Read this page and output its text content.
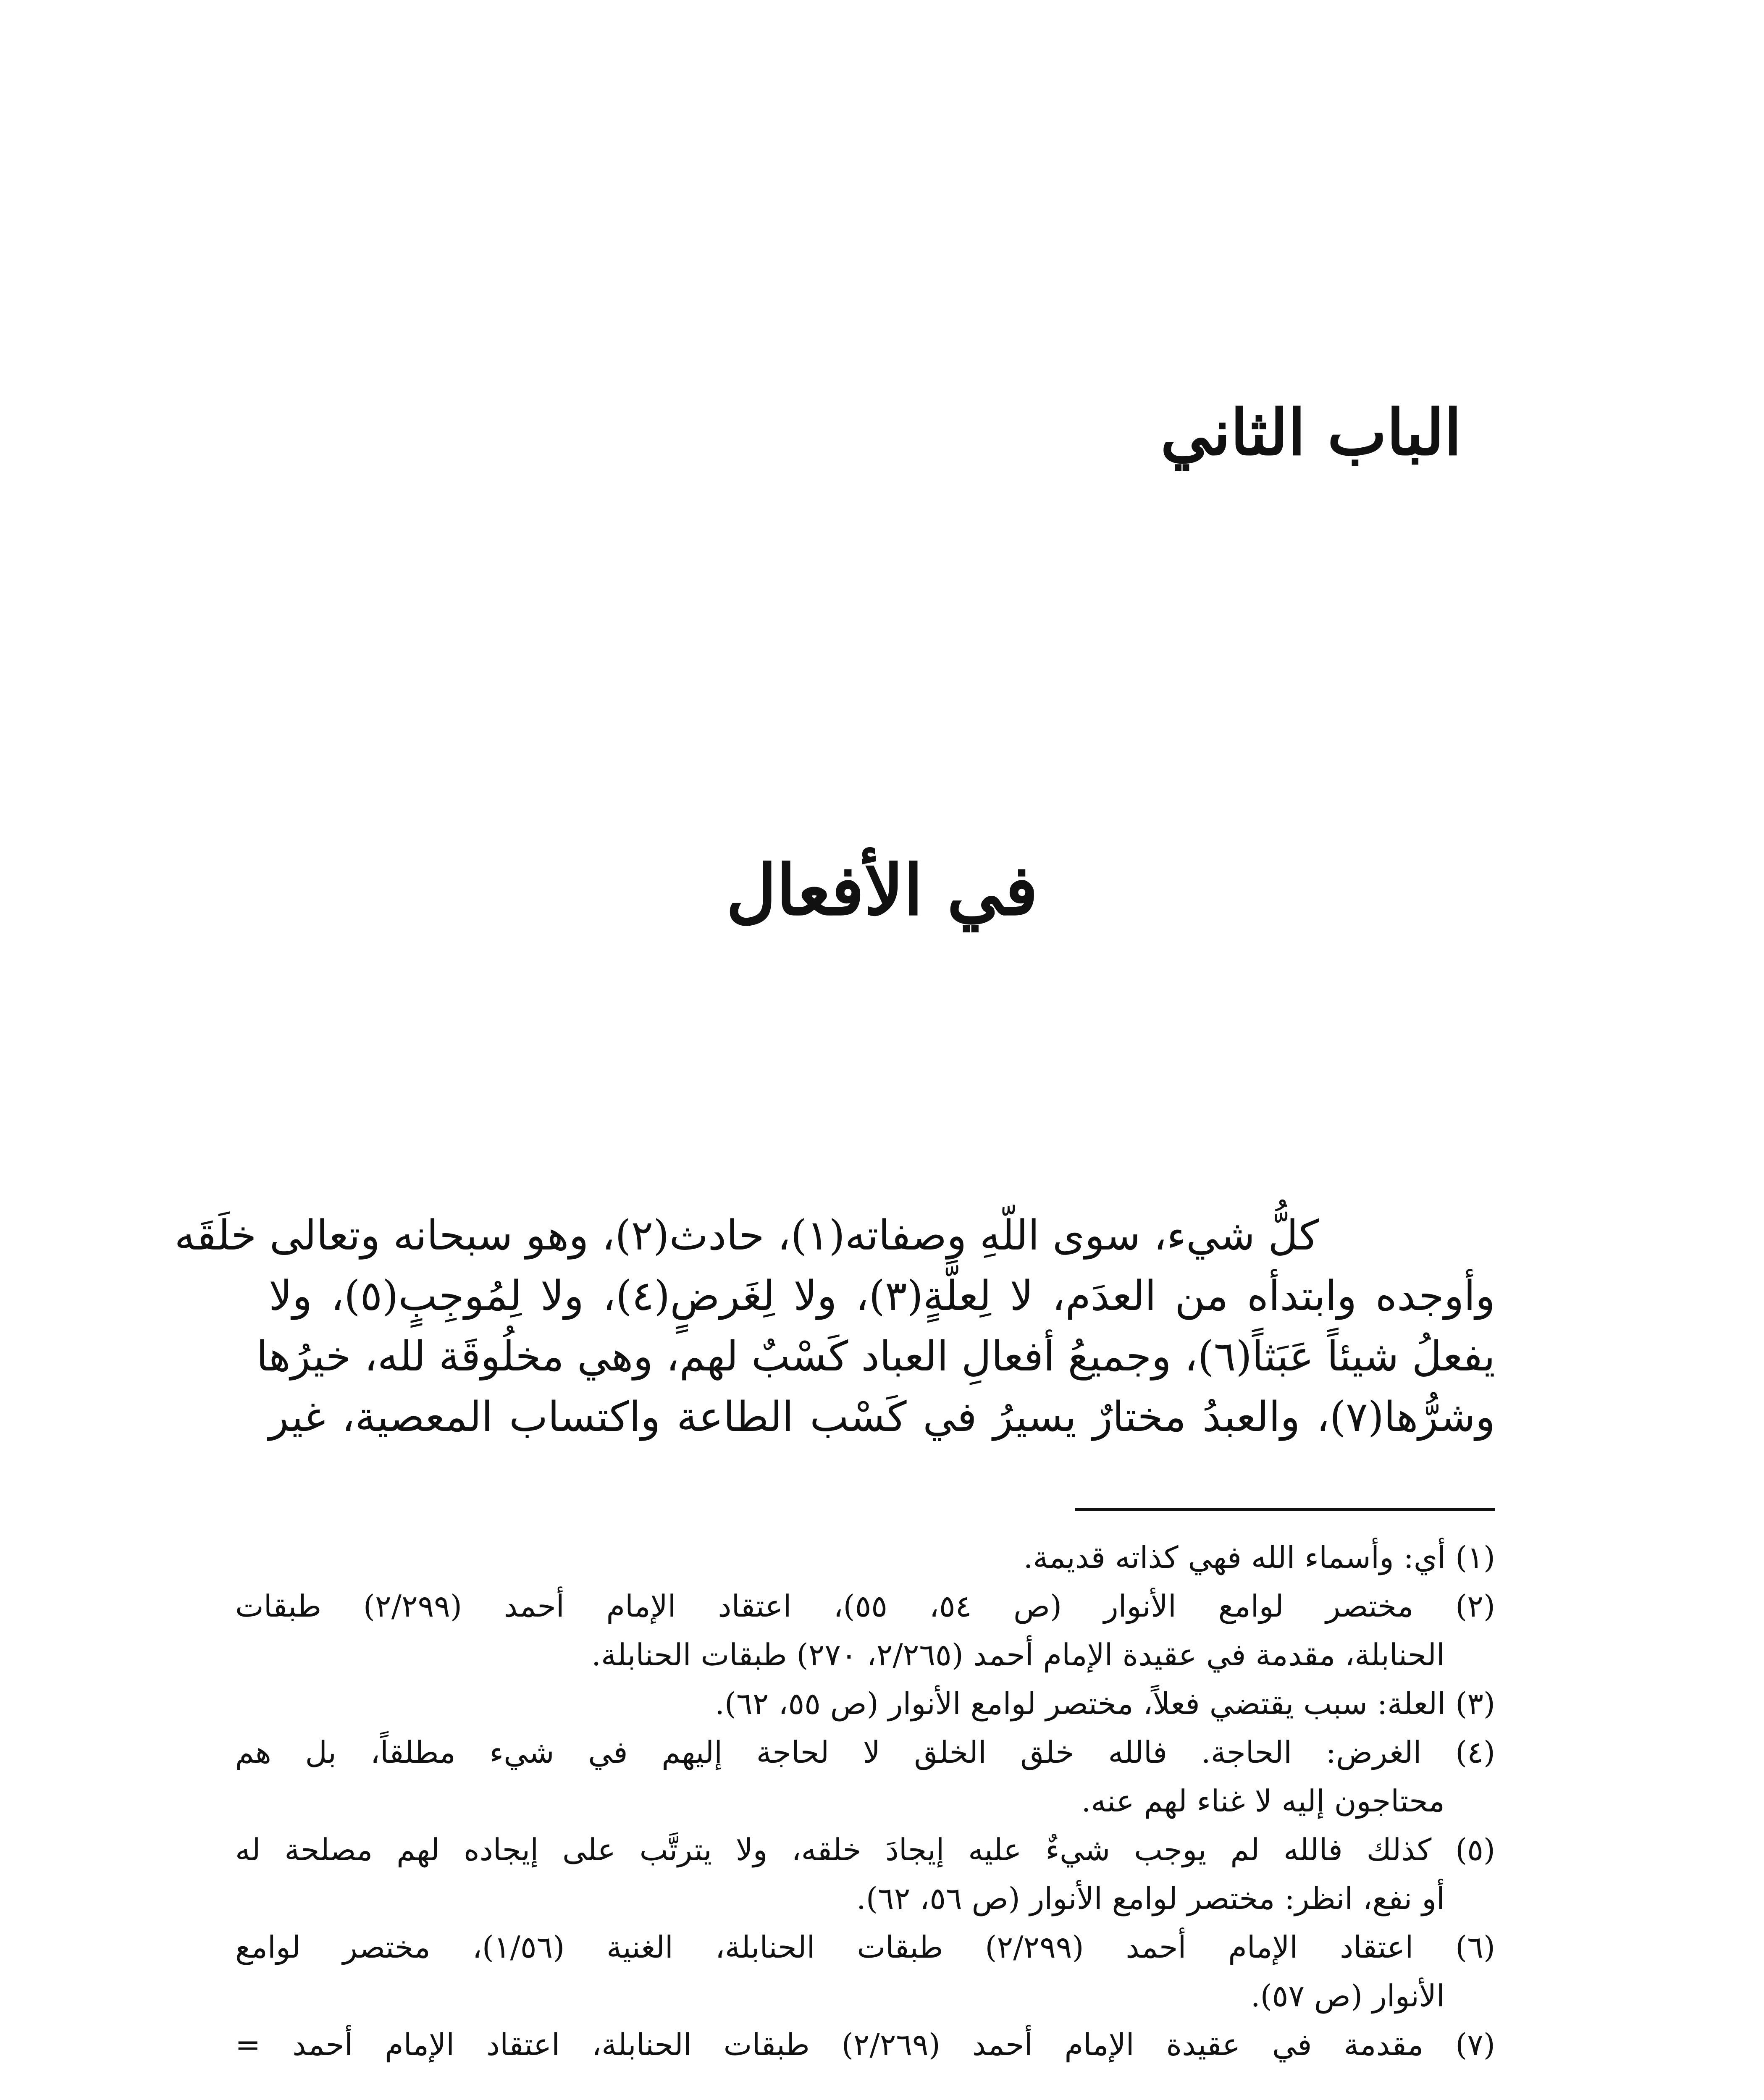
الباب الثاني
في الأفعال
كلُّ شيء، سوى اللّهِ وصفاته(١)، حادث(٢)، وهو سبحانه وتعالى خلَقَه
وأوجده وابتدأه من العدَم، لا لِعلَّةٍ(٣)، ولا لِغَرضٍ(٤)، ولا لِمُوجِبٍ(٥)، ولا
يفعلُ شيئاً عَبَثاً(٦)، وجميعُ أفعالِ العباد كَسْبٌ لهم، وهي مخلُوقَة لله، خيرُها
وشرُّها(٧)، والعبدُ مختارٌ يسيرُ في كَسْب الطاعة واكتساب المعصية، غير
(١) أي: وأسماء الله فهي كذاته قديمة.
(٢) مختصر لوامع الأنوار (ص ٥٤، ٥٥)، اعتقاد الإمام أحمد (٢/٢٩٩) طبقات
الحنابلة، مقدمة في عقيدة الإمام أحمد (٢/٢٦٥، ٢٧٠) طبقات الحنابلة.
(٣) العلة: سبب يقتضي فعلاً، مختصر لوامع الأنوار (ص ٥٥، ٦٢).
(٤) الغرض: الحاجة. فالله خلق الخلق لا لحاجة إليهم في شيء مطلقاً، بل هم
محتاجون إليه لا غناء لهم عنه.
(٥) كذلك فالله لم يوجب شيءٌ عليه إيجادَ خلقه، ولا يترتَّب على إيجاده لهم مصلحة له
أو نفع، انظر: مختصر لوامع الأنوار (ص ٥٦، ٦٢).
(٦) اعتقاد الإمام أحمد (٢/٢٩٩) طبقات الحنابلة، الغنية (١/٥٦)، مختصر لوامع
الأنوار (ص ٥٧).
(٧) مقدمة في عقيدة الإمام أحمد (٢/٢٦٩) طبقات الحنابلة، اعتقاد الإمام أحمد =
